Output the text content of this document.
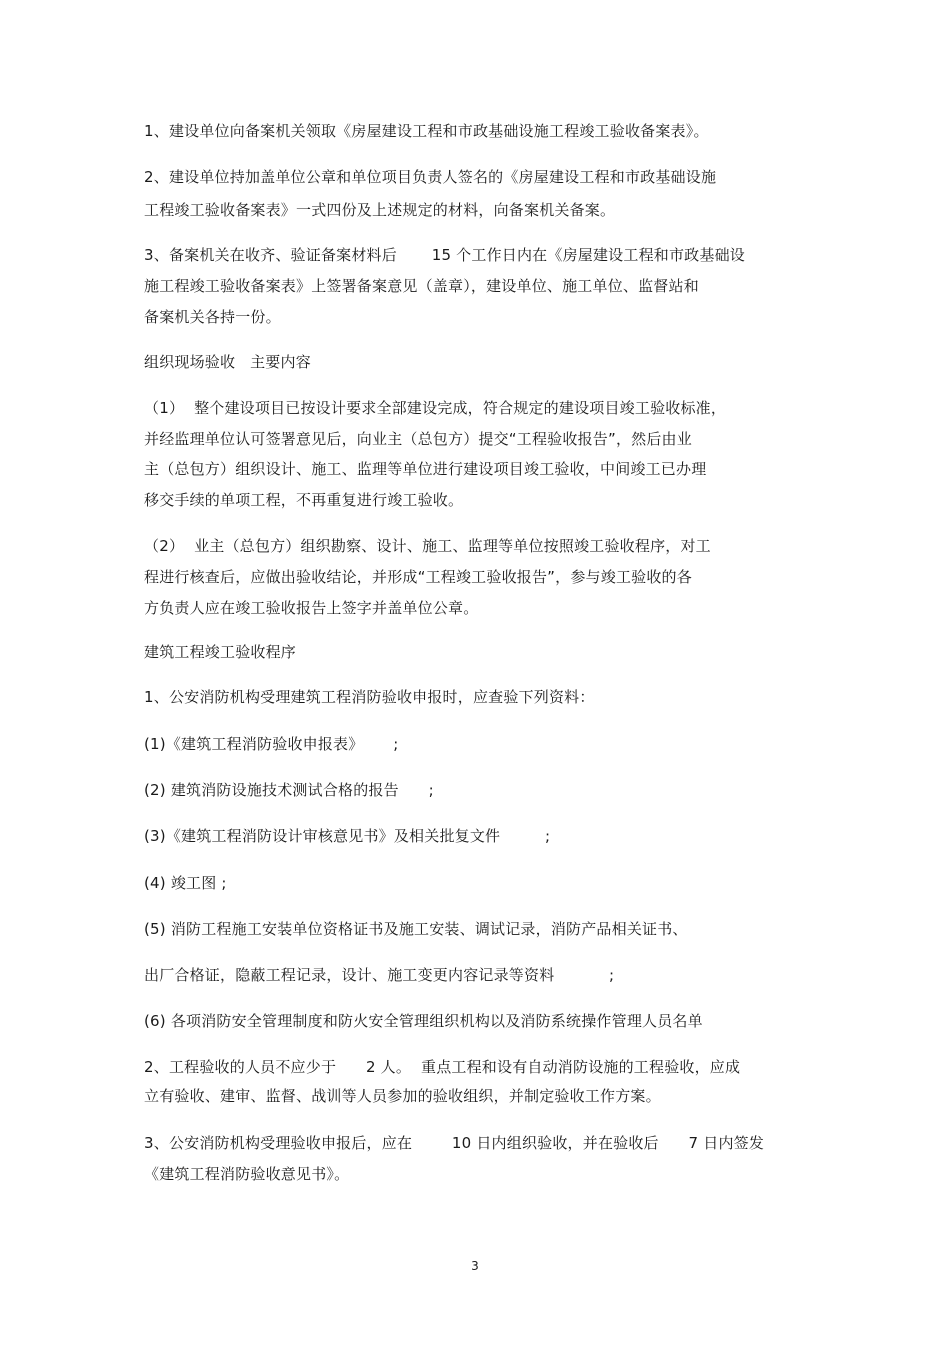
1、建设单位向备案机关领取《房屋建设工程和市政基础设施工程竣工验收备案表》。
2、建设单位持加盖单位公章和单位项目负责人签名的《房屋建设工程和市政基础设施
工程竣工验收备案表》一式四份及上述规定的材料，向备案机关备案。
3、备案机关在收齐、验证备案材料后       15 个工作日内在《房屋建设工程和市政基础设
施工程竣工验收备案表》上签署备案意见（盖章），建设单位、施工单位、监督站和
备案机关各持一份。
组织现场验收   主要内容
（1）  整个建设项目已按设计要求全部建设完成，符合规定的建设项目竣工验收标准，
并经监理单位认可签署意见后，向业主（总包方）提交“工程验收报告”，然后由业
主（总包方）组织设计、施工、监理等单位进行建设项目竣工验收，中间竣工已办理
移交手续的单项工程，不再重复进行竣工验收。
（2）  业主（总包方）组织勘察、设计、施工、监理等单位按照竣工验收程序，对工
程进行核查后，应做出验收结论，并形成“工程竣工验收报告”，参与竣工验收的各
方负责人应在竣工验收报告上签字并盖单位公章。
建筑工程竣工验收程序
1、公安消防机构受理建筑工程消防验收申报时，应查验下列资料：
(1)《建筑工程消防验收申报表》      ;
(2) 建筑消防设施技术测试合格的报告      ;
(3)《建筑工程消防设计审核意见书》及相关批复文件         ;
(4) 竣工图 ;
(5) 消防工程施工安装单位资格证书及施工安装、调试记录，消防产品相关证书、
出厂合格证，隐蔽工程记录，设计、施工变更内容记录等资料           ;
(6) 各项消防安全管理制度和防火安全管理组织机构以及消防系统操作管理人员名单
2、工程验收的人员不应少于      2 人。  重点工程和设有自动消防设施的工程验收，应成
立有验收、建审、监督、战训等人员参加的验收组织，并制定验收工作方案。
3、公安消防机构受理验收申报后，应在        10 日内组织验收，并在验收后      7 日内签发
《建筑工程消防验收意见书》。
3
